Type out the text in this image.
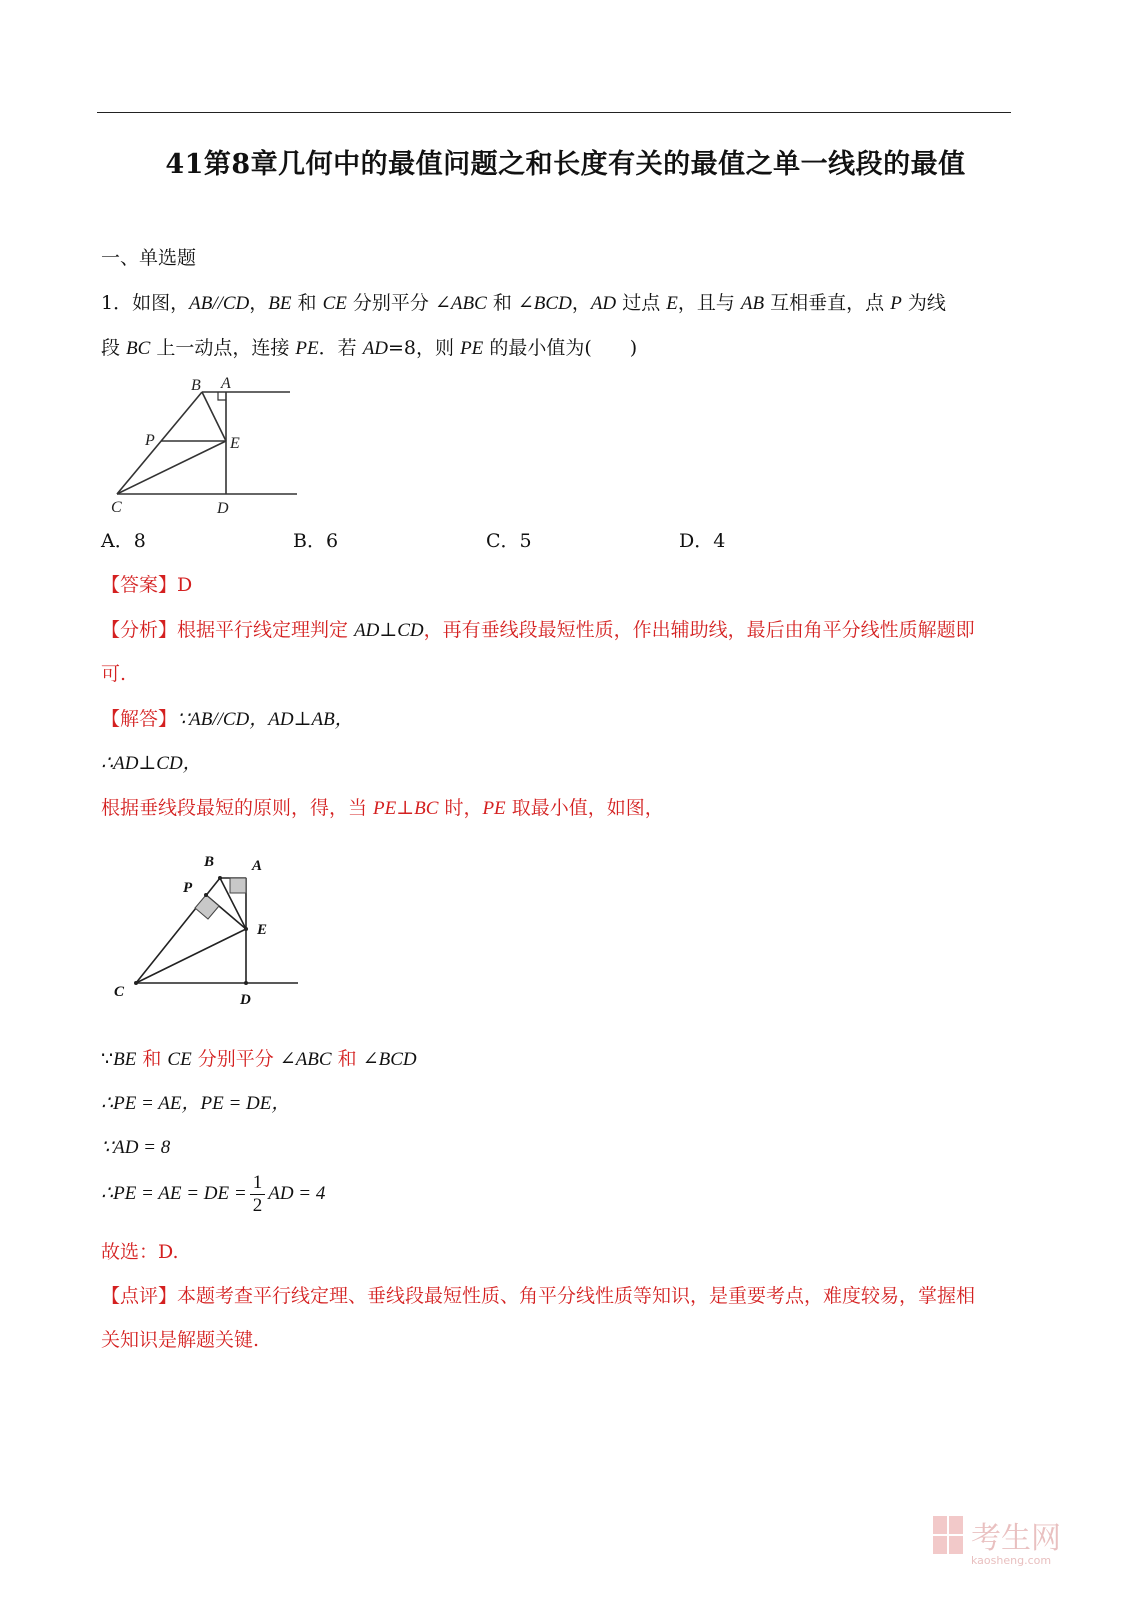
41第8章几何中的最值问题之和长度有关的最值之单一线段的最值
一、单选题
1．如图，AB//CD，BE 和 CE 分别平分 ∠ABC 和 ∠BCD，AD 过点 E，且与 AB 互相垂直，点 P 为线
段 BC 上一动点，连接 PE．若 AD=8，则 PE 的最小值为(　　)
B A
P	E
C	D
A．8	B．6	C．5	D．4
【答案】D
【分析】根据平行线定理判定 AD⊥CD，再有垂线段最短性质，作出辅助线，最后由角平分线性质解题即
可.
【解答】∵AB//CD，AD⊥AB，
∴AD⊥CD，
根据垂线段最短的原则，得，当 PE⊥BC 时，PE 取最小值，如图，
B	A
P
E
C	D
∵BE 和 CE 分别平分 ∠ABC 和 ∠BCD
∴PE = AE，PE = DE，
∵AD = 8
∴PE = AE = DE = $\frac{1}{2}$ AD = 4
故选：D.
【点评】本题考查平行线定理、垂线段最短性质、角平分线性质等知识，是重要考点，难度较易，掌握相
关知识是解题关键.
考生网
kaosheng.com
